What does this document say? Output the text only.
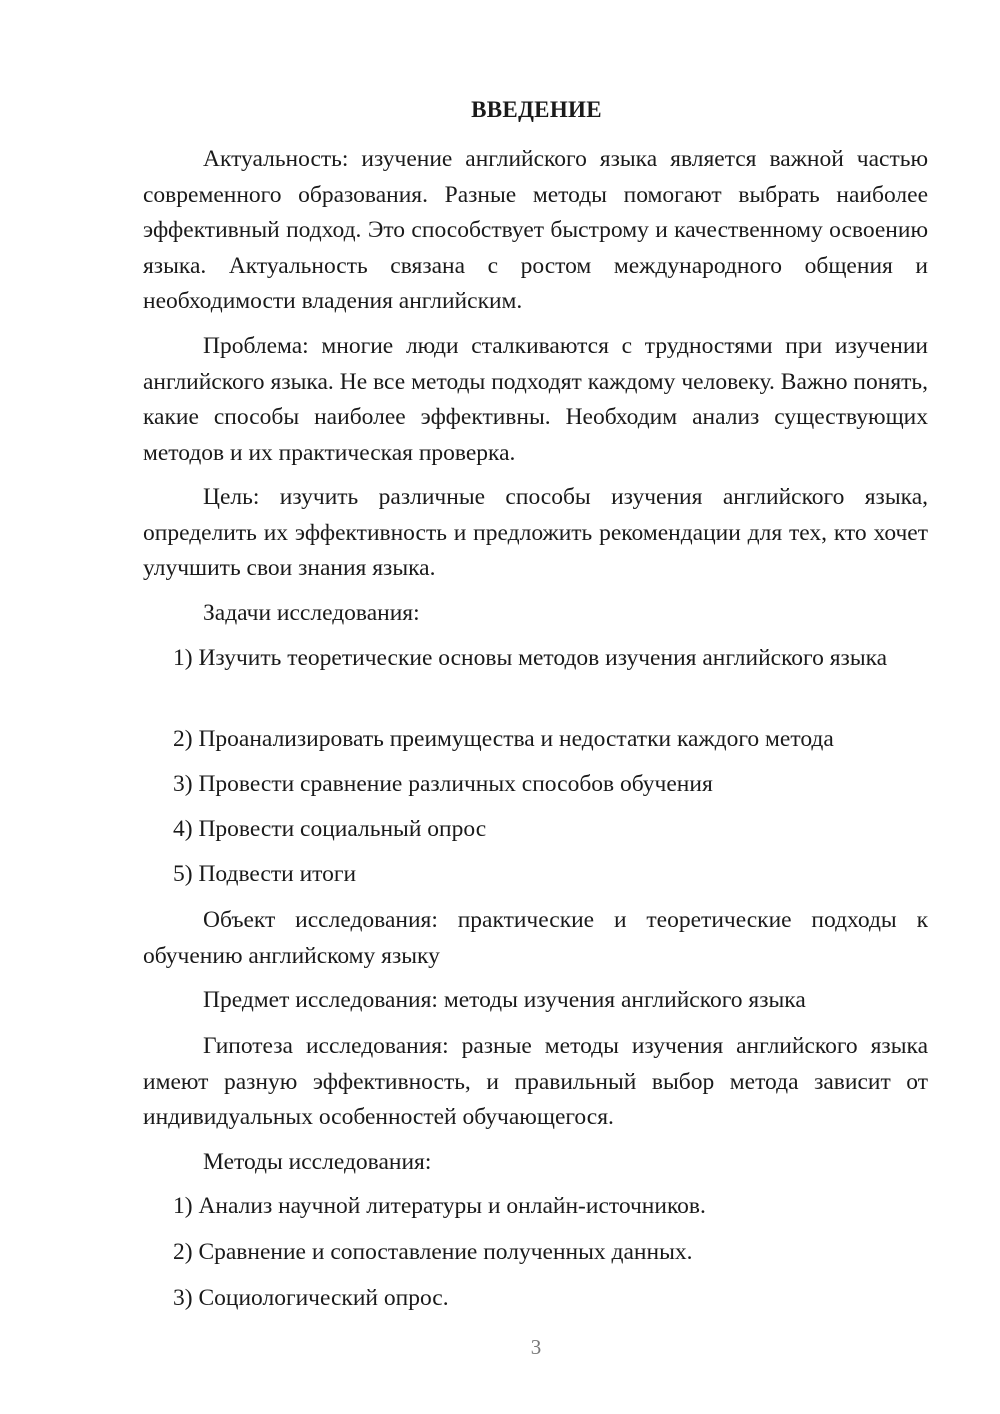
ВВЕДЕНИЕ
Актуальность: изучение английского языка является важной частью современного образования. Разные методы помогают выбрать наиболее эффективный подход. Это способствует быстрому и качественному освоению языка. Актуальность связана с ростом международного общения и необходимости владения английским.
Проблема: многие люди сталкиваются с трудностями при изучении английского языка. Не все методы подходят каждому человеку. Важно понять, какие способы наиболее эффективны. Необходим анализ существующих методов и их практическая проверка.
Цель: изучить различные способы изучения английского языка, определить их эффективность и предложить рекомендации для тех, кто хочет улучшить свои знания языка.
Задачи исследования:
1) Изучить теоретические основы методов изучения английского языка
2) Проанализировать преимущества и недостатки каждого метода
3) Провести сравнение различных способов обучения
4) Провести социальный опрос
5) Подвести итоги
Объект исследования: практические и теоретические подходы к обучению английскому языку
Предмет исследования: методы изучения английского языка
Гипотеза исследования: разные методы изучения английского языка имеют разную эффективность, и правильный выбор метода зависит от индивидуальных особенностей обучающегося.
Методы исследования:
1) Анализ научной литературы и онлайн-источников.
2) Сравнение и сопоставление полученных данных.
3) Социологический опрос.
3
